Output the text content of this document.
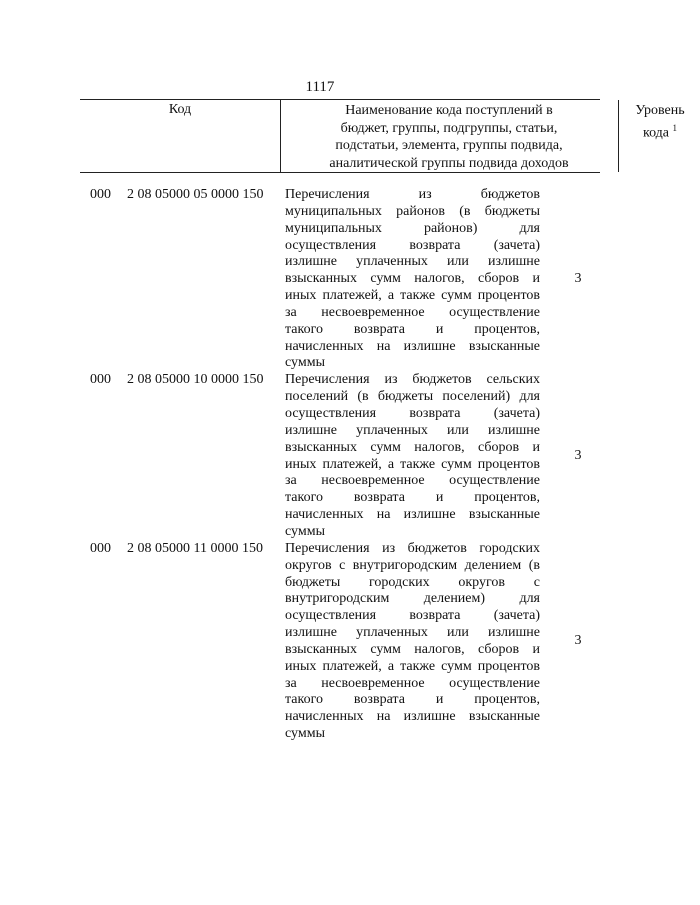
1117
Код	Наименование кода поступлений в
бюджет, группы, подгруппы, статьи,
подстатьи, элемента, группы подвида,
аналитической группы подвида доходов
Уровень
кода $^1$
000 2 08 05000 05 0000 150 Перечисления из бюджетов
муниципальных районов (в бюджеты
муниципальных районов) для
осуществления возврата (зачета)
излишне уплаченных или излишне
взысканных сумм налогов, сборов и
иных платежей, а также сумм процентов
за несвоевременное осуществление
такого возврата и процентов,
начисленных на излишне взысканные
суммы
3
000 2 08 05000 10 0000 150 Перечисления из бюджетов сельских
поселений (в бюджеты поселений) для
осуществления возврата (зачета)
излишне уплаченных или излишне
взысканных сумм налогов, сборов и
иных платежей, а также сумм процентов
за несвоевременное осуществление
такого возврата и процентов,
начисленных на излишне взысканные
суммы
3
000 2 08 05000 11 0000 150 Перечисления из бюджетов городских
округов с внутригородским делением (в
бюджеты городских округов с
внутригородским делением) для
осуществления возврата (зачета)
излишне уплаченных или излишне
взысканных сумм налогов, сборов и
иных платежей, а также сумм процентов
за несвоевременное осуществление
такого возврата и процентов,
начисленных на излишне взысканные
суммы
3
